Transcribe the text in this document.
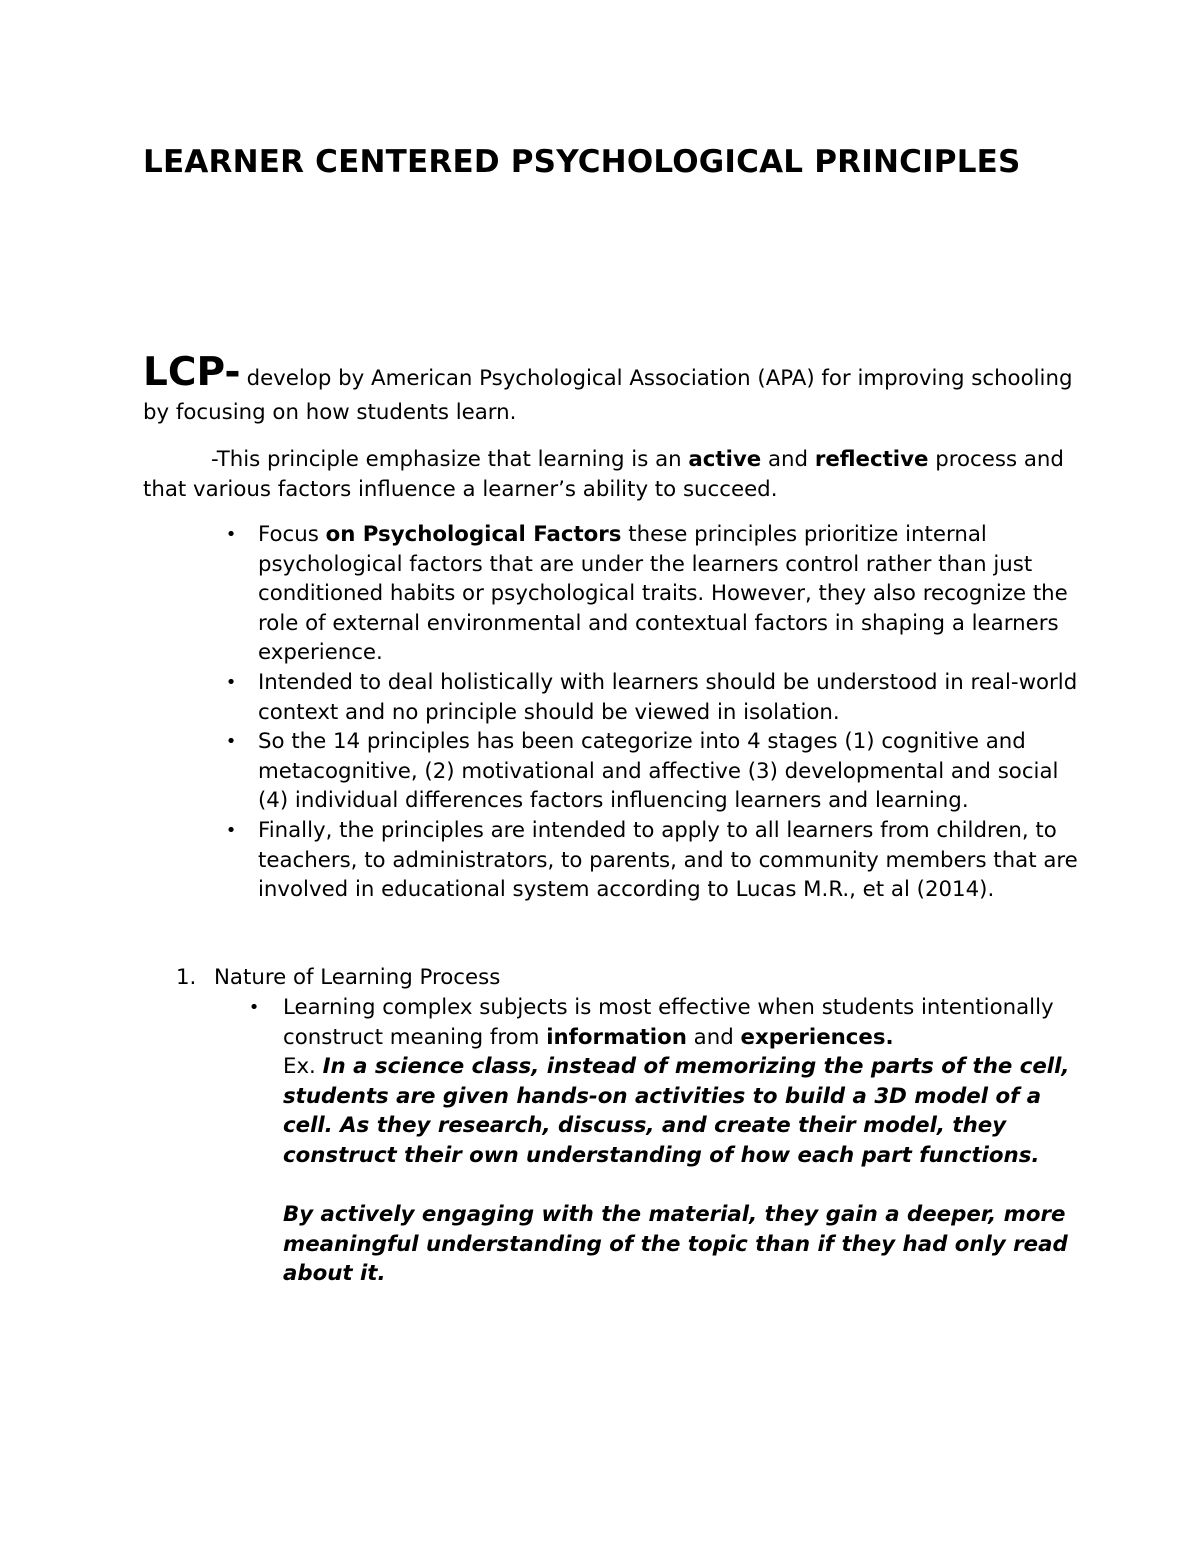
LEARNER CENTERED PSYCHOLOGICAL PRINCIPLES

LCP- develop by American Psychological Association (APA) for improving schooling by focusing on how students learn.

-This principle emphasize that learning is an active and reflective process and that various factors influence a learner’s ability to succeed.

• Focus on Psychological Factors these principles prioritize internal psychological factors that are under the learners control rather than just conditioned habits or psychological traits. However, they also recognize the role of external environmental and contextual factors in shaping a learners experience.
• Intended to deal holistically with learners should be understood in real-world context and no principle should be viewed in isolation.
• So the 14 principles has been categorize into 4 stages (1) cognitive and metacognitive, (2) motivational and affective (3) developmental and social (4) individual differences factors influencing learners and learning.
• Finally, the principles are intended to apply to all learners from children, to teachers, to administrators, to parents, and to community members that are involved in educational system according to Lucas M.R., et al (2014).

1. Nature of Learning Process

• Learning complex subjects is most effective when students intentionally construct meaning from information and experiences.
Ex. In a science class, instead of memorizing the parts of the cell, students are given hands-on activities to build a 3D model of a cell. As they research, discuss, and create their model, they construct their own understanding of how each part functions.
By actively engaging with the material, they gain a deeper, more meaningful understanding of the topic than if they had only read about it.
